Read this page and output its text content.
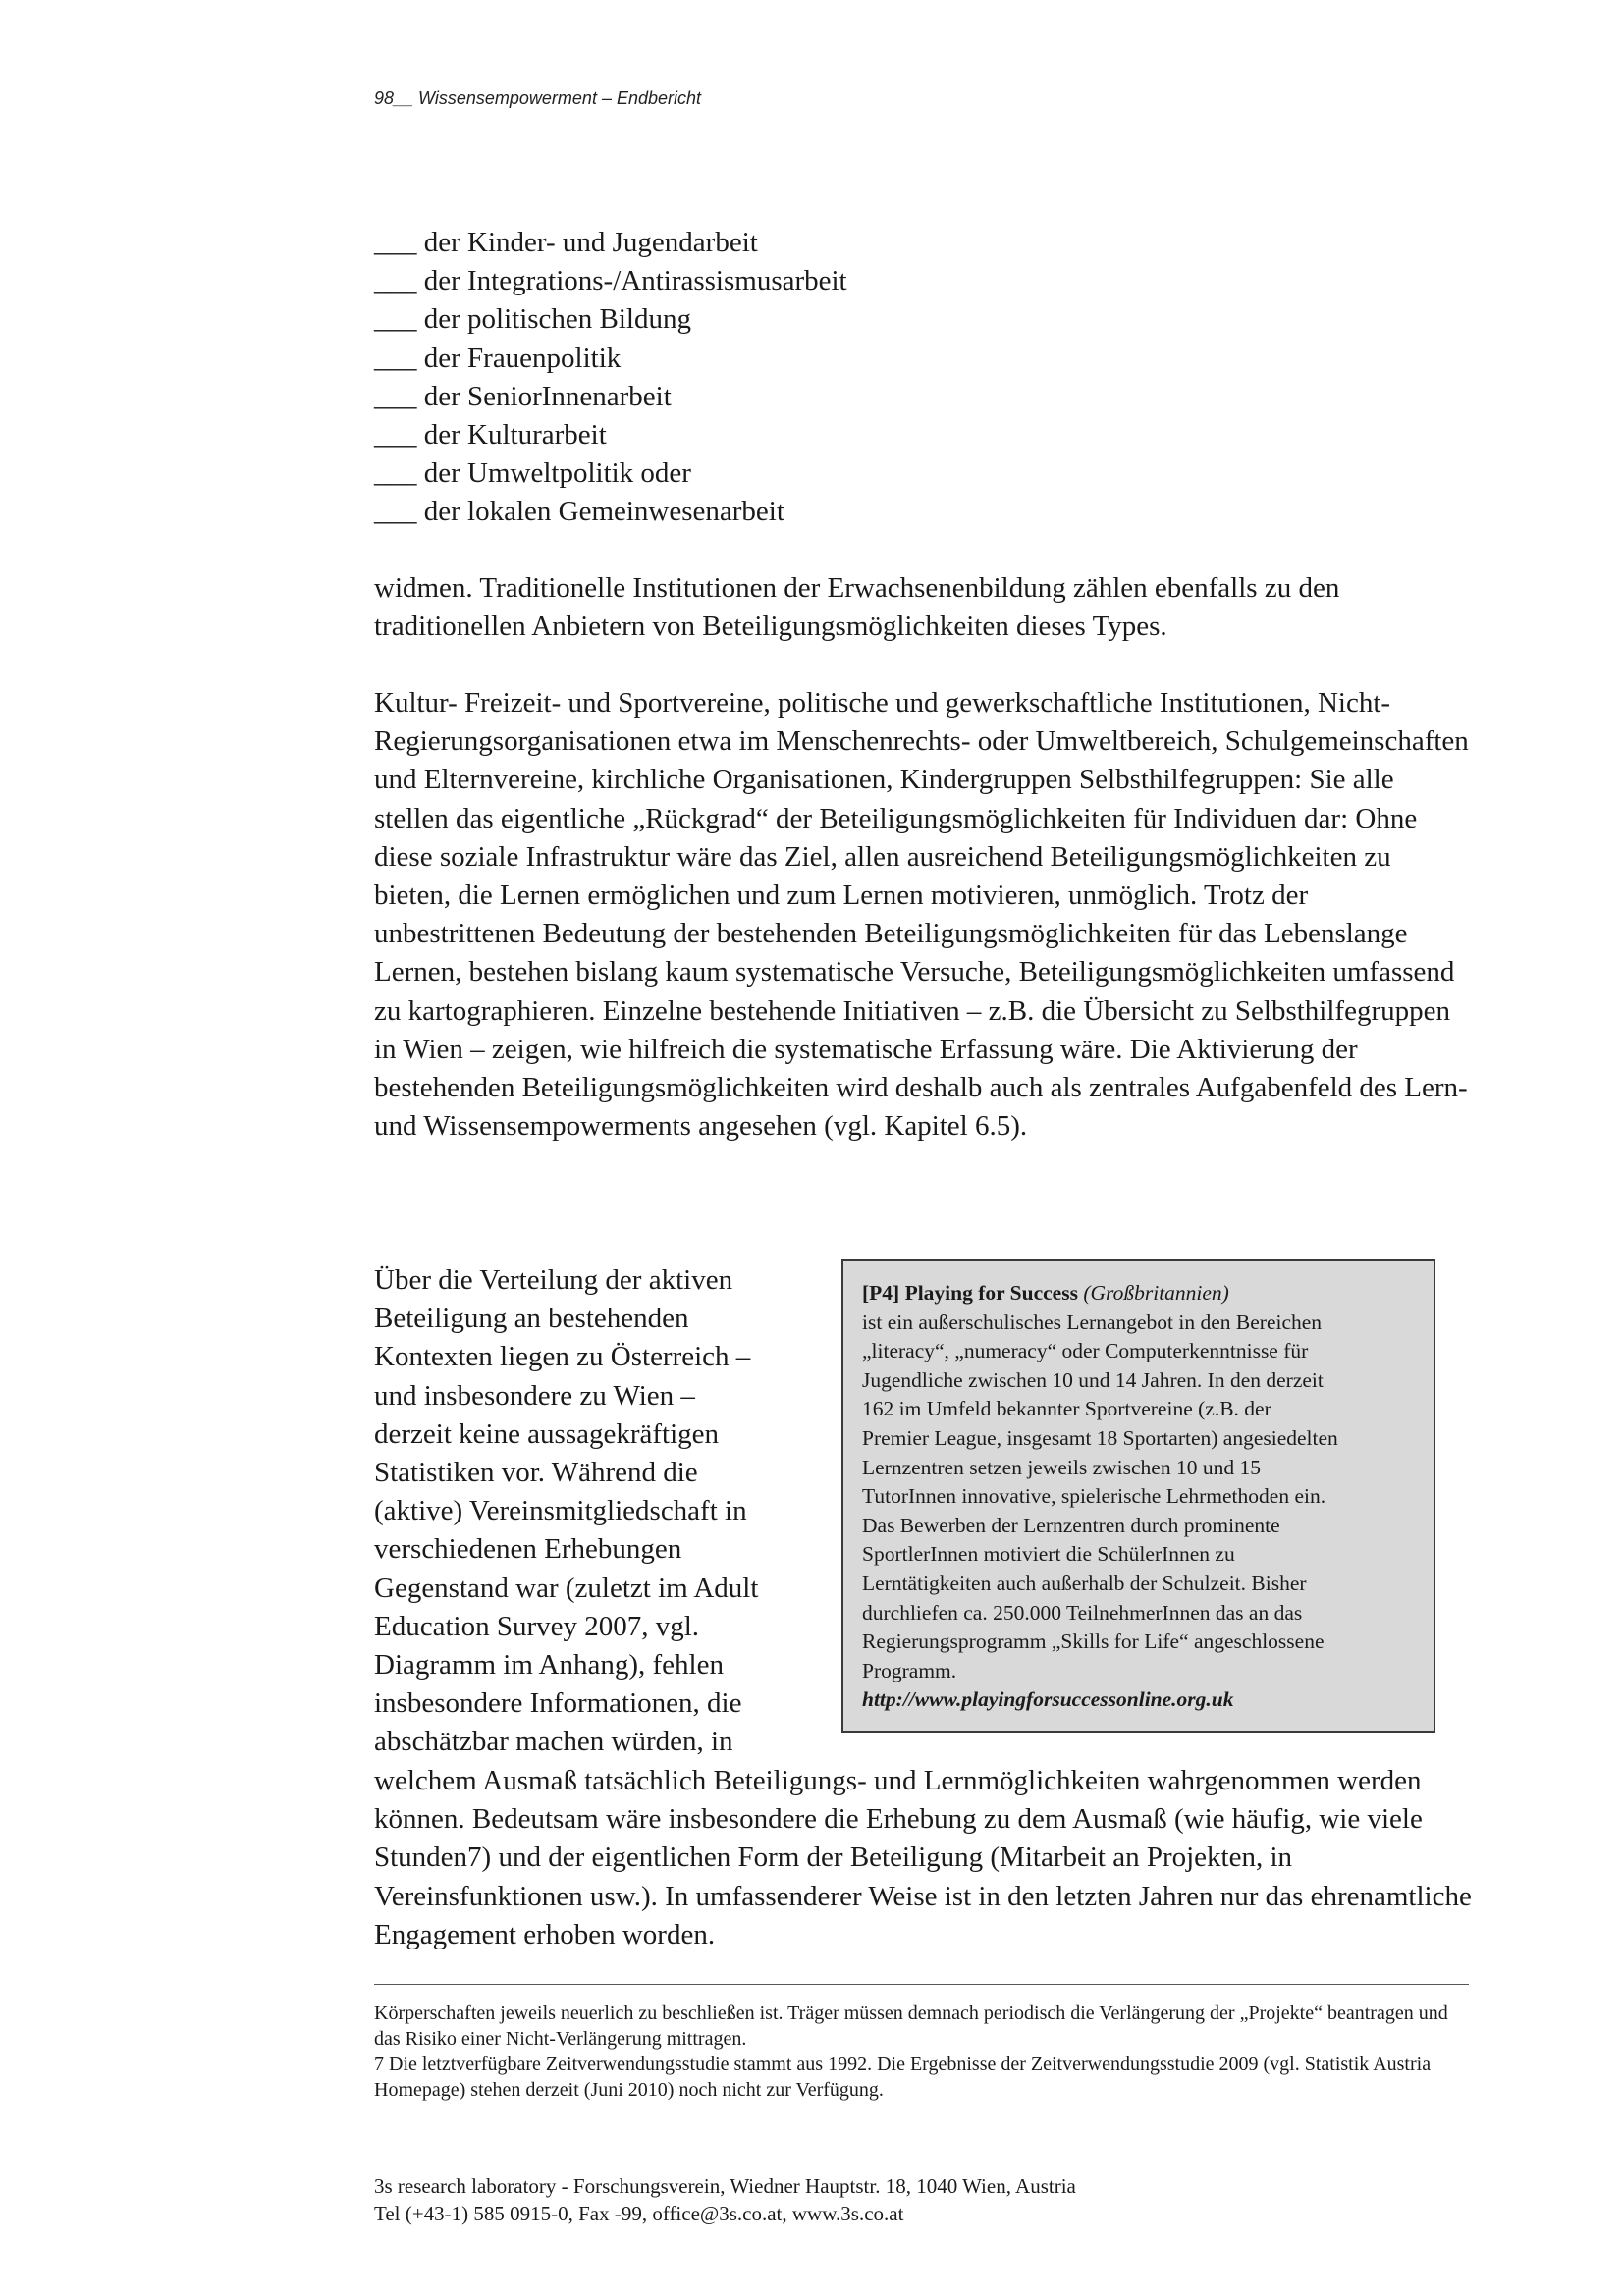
98__ Wissensempowerment – Endbericht
___ der Kinder- und Jugendarbeit
___ der Integrations-/Antirassismusarbeit
___ der politischen Bildung
___ der Frauenpolitik
___ der SeniorInnenarbeit
___ der Kulturarbeit
___ der Umweltpolitik oder
___ der lokalen Gemeinwesenarbeit
widmen. Traditionelle Institutionen der Erwachsenenbildung zählen ebenfalls zu den traditionellen Anbietern von Beteiligungsmöglichkeiten dieses Types.
Kultur- Freizeit- und Sportvereine, politische und gewerkschaftliche Institutionen, Nicht-Regierungsorganisationen etwa im Menschenrechts- oder Umweltbereich, Schulgemeinschaften und Elternvereine, kirchliche Organisationen, Kindergruppen Selbsthilfegruppen: Sie alle stellen das eigentliche „Rückgrad“ der Beteiligungsmöglichkeiten für Individuen dar: Ohne diese soziale Infrastruktur wäre das Ziel, allen ausreichend Beteiligungsmöglichkeiten zu bieten, die Lernen ermöglichen und zum Lernen motivieren, unmöglich. Trotz der unbestrittenen Bedeutung der bestehenden Beteiligungsmöglichkeiten für das Lebenslange Lernen, bestehen bislang kaum systematische Versuche, Beteiligungsmöglichkeiten umfassend zu kartographieren. Einzelne bestehende Initiativen – z.B. die Übersicht zu Selbsthilfegruppen in Wien – zeigen, wie hilfreich die systematische Erfassung wäre. Die Aktivierung der bestehenden Beteiligungsmöglichkeiten wird deshalb auch als zentrales Aufgabenfeld des Lern- und Wissensempowerments angesehen (vgl. Kapitel 6.5).
Über die Verteilung der aktiven
Beteiligung an bestehenden
Kontexten liegen zu Österreich –
und insbesondere zu Wien –
derzeit keine aussagekräftigen
Statistiken vor. Während die
(aktive) Vereinsmitgliedschaft in
verschiedenen Erhebungen
Gegenstand war (zuletzt im Adult
Education Survey 2007, vgl.
Diagramm im Anhang), fehlen
insbesondere Informationen, die
abschätzbar machen würden, in
welchem Ausmaß tatsächlich Beteiligungs- und Lernmöglichkeiten wahrgenommen werden können. Bedeutsam wäre insbesondere die Erhebung zu dem Ausmaß (wie häufig, wie viele Stunden7) und der eigentlichen Form der Beteiligung (Mitarbeit an Projekten, in Vereinsfunktionen usw.). In umfassenderer Weise ist in den letzten Jahren nur das ehrenamtliche Engagement erhoben worden.
[P4] Playing for Success (Großbritannien)
ist ein außerschulisches Lernangebot in den Bereichen
„literacy“, „numeracy“ oder Computerkenntnisse für
Jugendliche zwischen 10 und 14 Jahren. In den derzeit
162 im Umfeld bekannter Sportvereine (z.B. der
Premier League, insgesamt 18 Sportarten) angesiedelten
Lernzentren setzen jeweils zwischen 10 und 15
TutorInnen innovative, spielerische Lehrmethoden ein.
Das Bewerben der Lernzentren durch prominente
SportlerInnen motiviert die SchülerInnen zu
Lerntätigkeiten auch außerhalb der Schulzeit. Bisher
durchliefen ca. 250.000 TeilnehmerInnen das an das
Regierungsprogramm „Skills for Life“ angeschlossene
Programm.
http://www.playingforsuccessonline.org.uk
Körperschaften jeweils neuerlich zu beschließen ist. Träger müssen demnach periodisch die Verlängerung der „Projekte“ beantragen und das Risiko einer Nicht-Verlängerung mittragen.
7 Die letztverfügbare Zeitverwendungsstudie stammt aus 1992. Die Ergebnisse der Zeitverwendungsstudie 2009 (vgl. Statistik Austria Homepage) stehen derzeit (Juni 2010) noch nicht zur Verfügung.
3s research laboratory - Forschungsverein, Wiedner Hauptstr. 18, 1040 Wien, Austria
Tel (+43-1) 585 0915-0, Fax -99, office@3s.co.at, www.3s.co.at
